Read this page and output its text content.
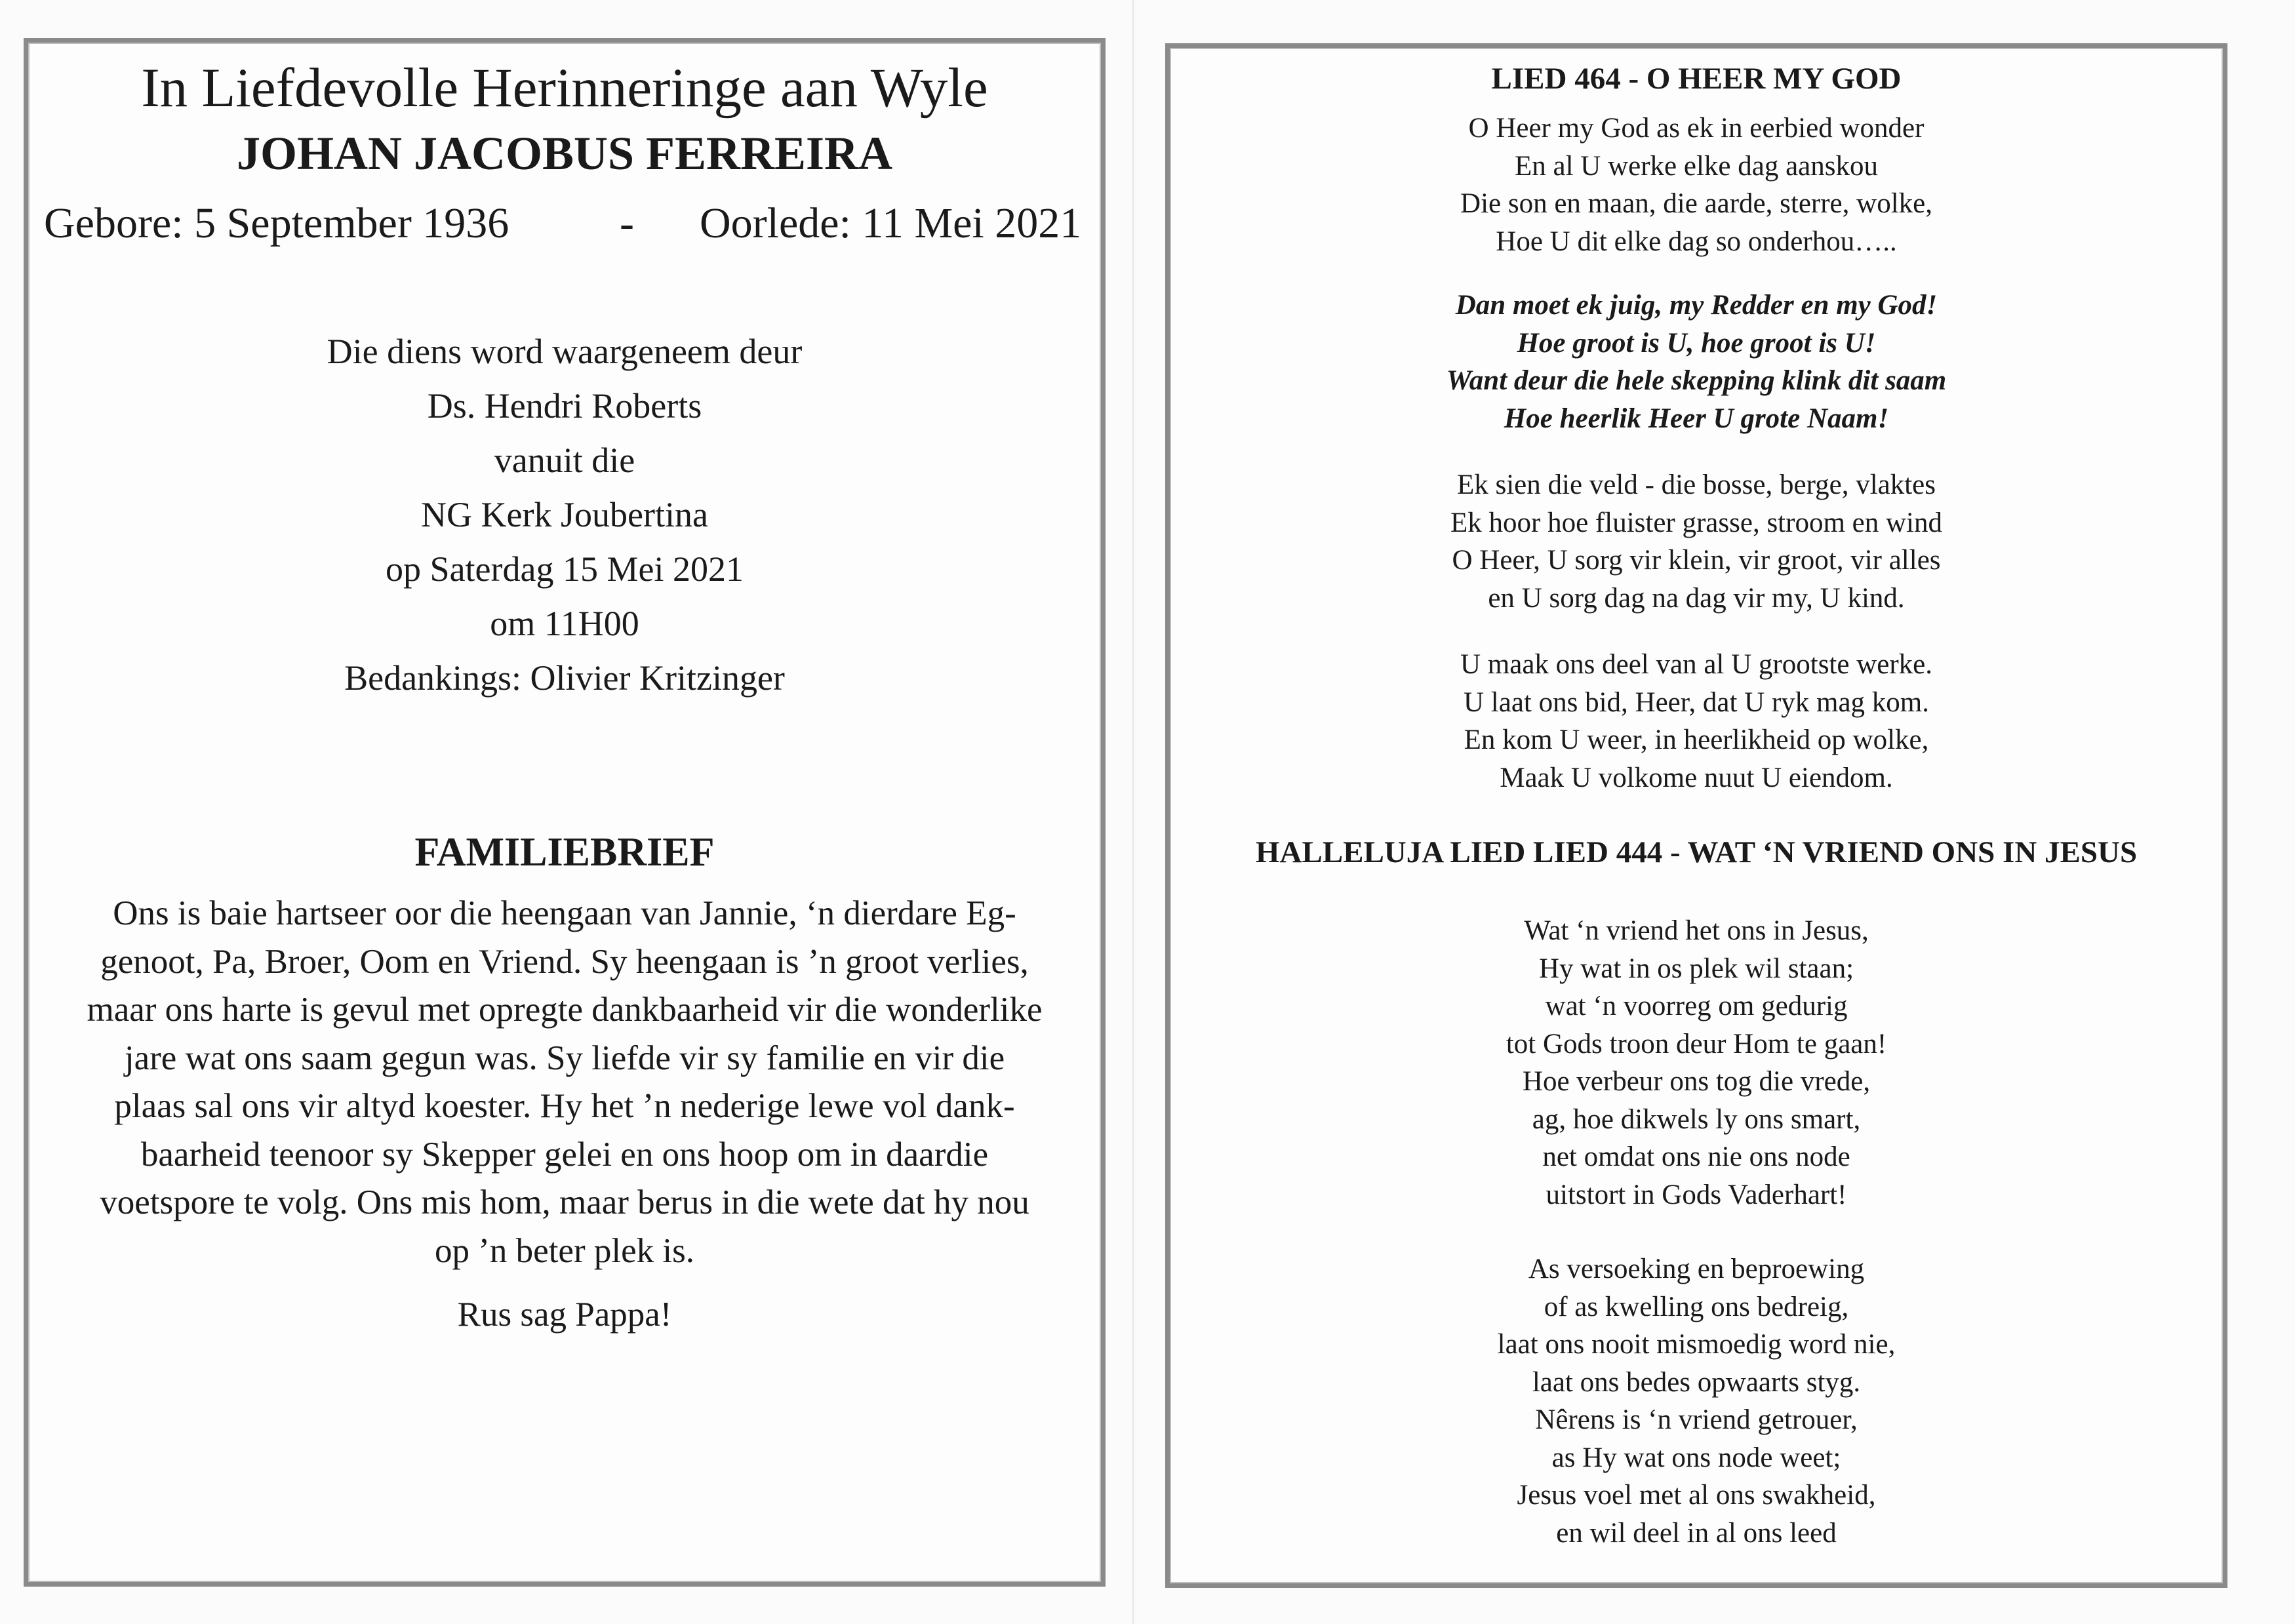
In Liefdevolle Herinneringe aan Wyle
JOHAN JACOBUS FERREIRA
Gebore: 5 September 1936	- Oorlede: 11 Mei 2021
Die diens word waargeneem deur
Ds. Hendri Roberts
vanuit die
NG Kerk Joubertina
op Saterdag 15 Mei 2021
om 11H00
Bedankings: Olivier Kritzinger
FAMILIEBRIEF
Ons is baie hartseer oor die heengaan van Jannie, ‘n dierdare Eg-
genoot, Pa, Broer, Oom en Vriend. Sy heengaan is ’n groot verlies,
maar ons harte is gevul met opregte dankbaarheid vir die wonderlike
jare wat ons saam gegun was. Sy liefde vir sy familie en vir die
plaas sal ons vir altyd koester. Hy het ’n nederige lewe vol dank-
baarheid teenoor sy Skepper gelei en ons hoop om in daardie
voetspore te volg. Ons mis hom, maar berus in die wete dat hy nou
op ’n beter plek is.
Rus sag Pappa!
LIED 464 - O HEER MY GOD
O Heer my God as ek in eerbied wonder
En al U werke elke dag aanskou
Die son en maan, die aarde, sterre, wolke,
Hoe U dit elke dag so onderhou…..
Dan moet ek juig, my Redder en my God!
Hoe groot is U, hoe groot is U!
Want deur die hele skepping klink dit saam
Hoe heerlik Heer U grote Naam!
Ek sien die veld - die bosse, berge, vlaktes
Ek hoor hoe fluister grasse, stroom en wind
O Heer, U sorg vir klein, vir groot, vir alles
en U sorg dag na dag vir my, U kind.
U maak ons deel van al U grootste werke.
U laat ons bid, Heer, dat U ryk mag kom.
En kom U weer, in heerlikheid op wolke,
Maak U volkome nuut U eiendom.
HALLELUJA LIED LIED 444 - WAT ‘N VRIEND ONS IN JESUS
Wat ‘n vriend het ons in Jesus,
Hy wat in os plek wil staan;
wat ‘n voorreg om gedurig
tot Gods troon deur Hom te gaan!
Hoe verbeur ons tog die vrede,
ag, hoe dikwels ly ons smart,
net omdat ons nie ons node
uitstort in Gods Vaderhart!
As versoeking en beproewing
of as kwelling ons bedreig,
laat ons nooit mismoedig word nie,
laat ons bedes opwaarts styg.
Nêrens is ‘n vriend getrouer,
as Hy wat ons node weet;
Jesus voel met al ons swakheid,
en wil deel in al ons leed
